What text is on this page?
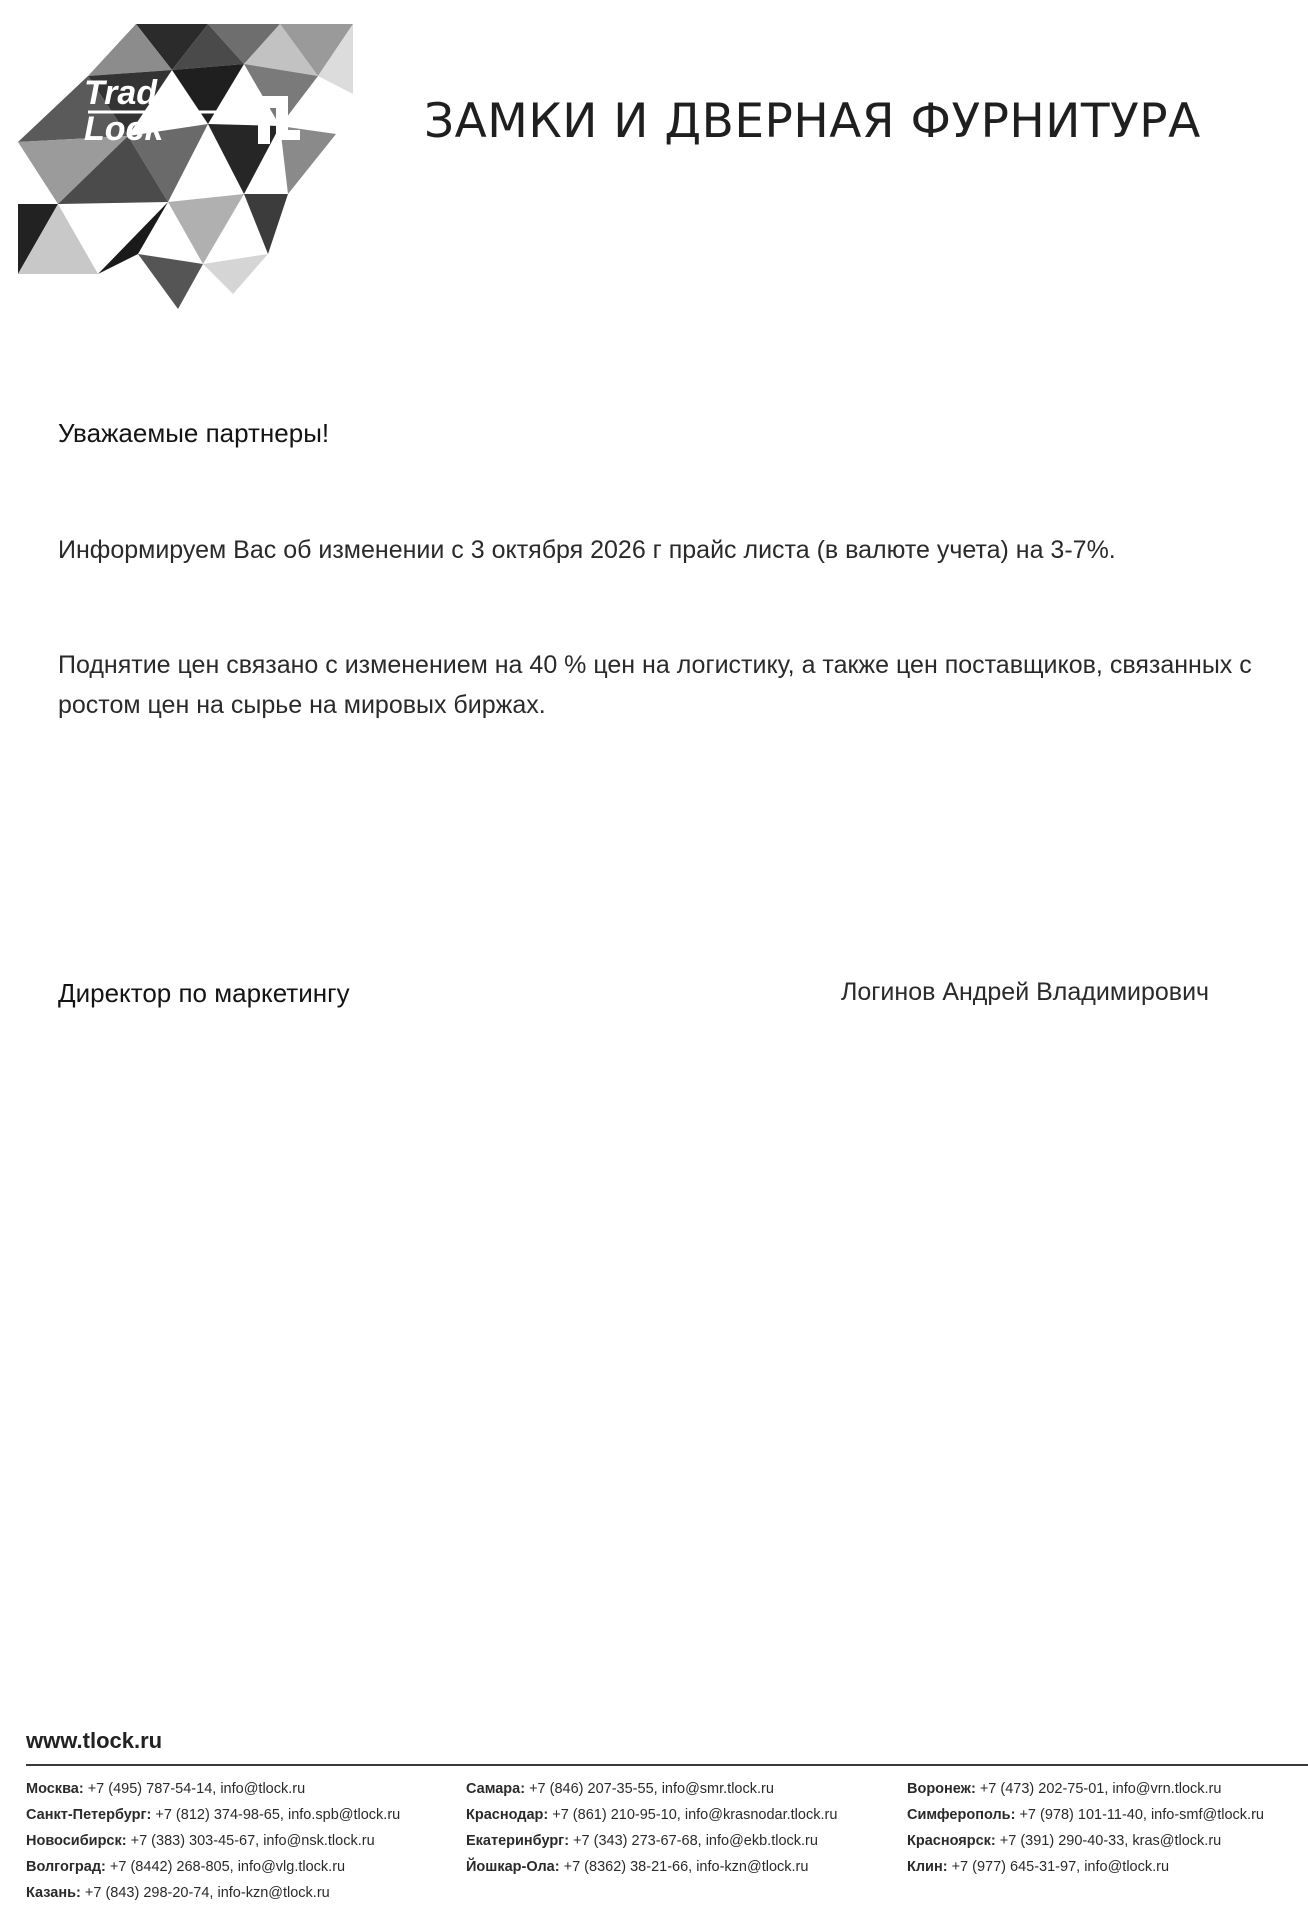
Trade
Lock	ЗАМКИ И ДВЕРНАЯ ФУРНИТУРА
Уважаемые партнеры!
Информируем Вас об изменении с 3 октября 2026 г прайс листа (в валюте учета) на 3-7%.
Поднятие цен связано с изменением на 40 % цен на логистику, а также цен поставщиков, связанных с ростом цен на сырье на мировых биржах.
Директор по маркетингу	Логинов Андрей Владимирович
www.tlock.ru
Москва: +7 (495) 787-54-14, info@tlock.ru
Санкт-Петербург: +7 (812) 374-98-65, info.spb@tlock.ru
Новосибирск: +7 (383) 303-45-67, info@nsk.tlock.ru
Волгоград: +7 (8442) 268-805, info@vlg.tlock.ru
Казань: +7 (843) 298-20-74, info-kzn@tlock.ru
Самара: +7 (846) 207-35-55, info@smr.tlock.ru
Краснодар: +7 (861) 210-95-10, info@krasnodar.tlock.ru
Екатеринбург: +7 (343) 273-67-68, info@ekb.tlock.ru
Йошкар-Ола: +7 (8362) 38-21-66, info-kzn@tlock.ru
Воронеж: +7 (473) 202-75-01, info@vrn.tlock.ru
Симферополь: +7 (978) 101-11-40, info-smf@tlock.ru
Красноярск: +7 (391) 290-40-33, kras@tlock.ru
Клин: +7 (977) 645-31-97, info@tlock.ru
